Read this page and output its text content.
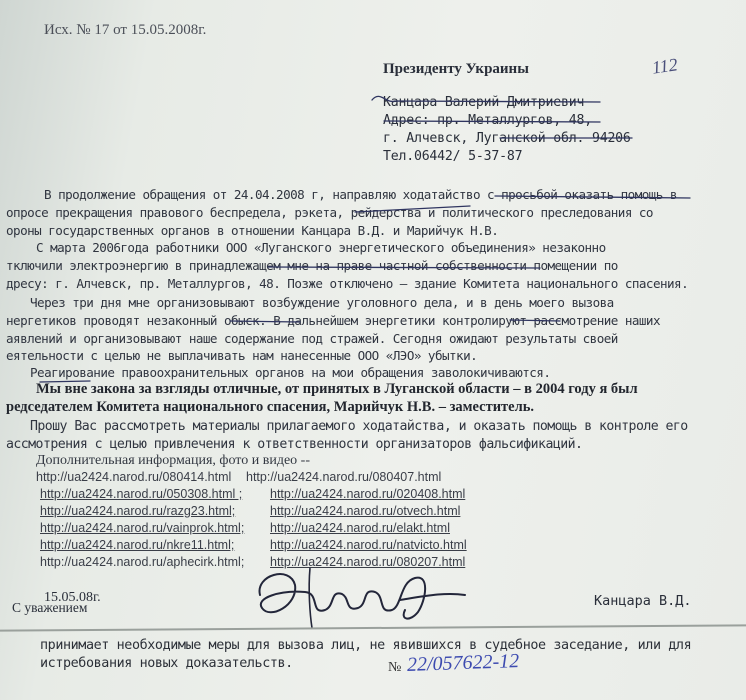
Исх. № 17 от 15.05.2008г.
112
Президенту Украины
Канцара Валерий Дмитриевич
Адрес: пр. Металлургов, 48,
г. Алчевск, Луганской обл. 94206
Тел.06442/ 5-37-87
В продолжение обращения от 24.04.2008 г, направляю ходатайство с просьбой оказать помощь в
опросе прекращения правового беспредела, рэкета, рейдерства и политического преследования со
ороны государственных органов в отношении Канцара В.Д. и Марийчук Н.В.
С марта 2006года работники ООО «Луганского энергетического объединения» незаконно
тключили электроэнергию в принадлежащем мне на праве частной собственности помещении по
дресу: г. Алчевск, пр. Металлургов, 48. Позже отключено – здание Комитета национального спасения.
Через три дня мне организовывают возбуждение уголовного дела, и в день моего вызова
нергетиков проводят незаконный обыск. В дальнейшем энергетики контролируют рассмотрение наших
аявлений и организовывают наше содержание под стражей. Сегодня ожидают результаты своей
еятельности с целью не выплачивать нам нанесенные ООО «ЛЭО» убытки.
Реагирование правоохранительных органов на мои обращения заволокичиваются.
Мы вне закона за взгляды отличные, от принятых в Луганской области – в 2004 году я был
редседателем Комитета национального спасения, Марийчук Н.В. – заместитель.
Прошу Вас рассмотреть материалы прилагаемого ходатайства, и оказать помощь в контроле его
ассмотрения с целью привлечения к ответственности организаторов фальсификаций.
Дополнительная информация, фото и видео --
http://ua2424.narod.ru/080414.html http://ua2424.narod.ru/080407.html
http://ua2424.narod.ru/050308.html ; http://ua2424.narod.ru/020408.html
http://ua2424.narod.ru/razg23.html;	http://ua2424.narod.ru/otvech.html
http://ua2424.narod.ru/vainprok.html; http://ua2424.narod.ru/elakt.html
http://ua2424.narod.ru/nkre11.html;	http://ua2424.narod.ru/natvicto.html
http://ua2424.narod.ru/aphecirk.html; http://ua2424.narod.ru/080207.html
15.05.08г.
С уважением	Канцара В.Д.
принимает необходимые меры для вызова лиц, не явившихся в судебное заседание, или для
истребования новых доказательств.	№ 22/057622-12
